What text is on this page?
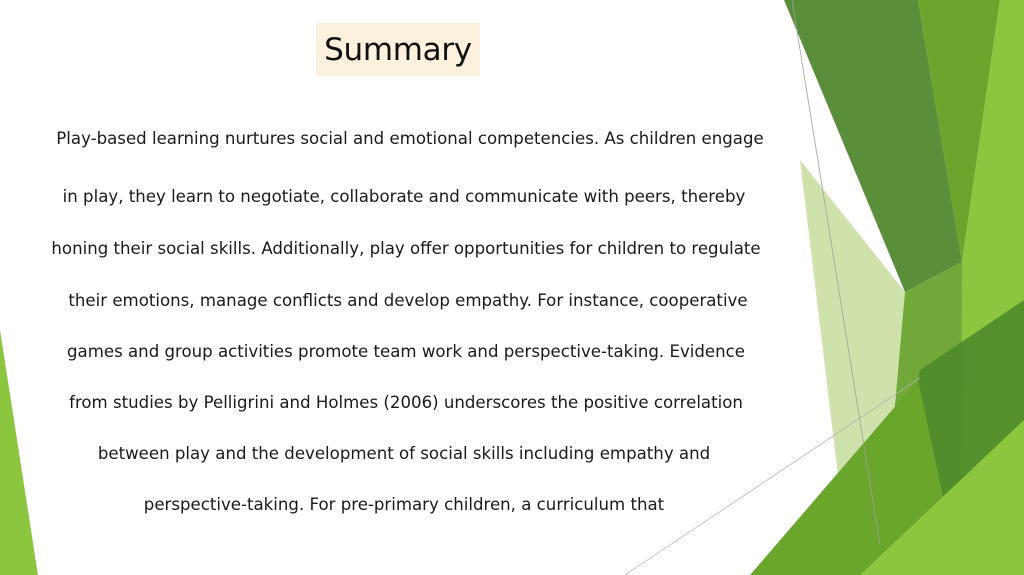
Summary
Play-based learning nurtures social and emotional competencies. As children engage
in play, they learn to negotiate, collaborate and communicate with peers, thereby
honing their social skills. Additionally, play offer opportunities for children to regulate
their emotions, manage conflicts and develop empathy. For instance, cooperative
games and group activities promote team work and perspective-taking. Evidence
from studies by Pelligrini and Holmes (2006) underscores the positive correlation
between play and the development of social skills including empathy and
perspective-taking. For pre-primary children, a curriculum that
